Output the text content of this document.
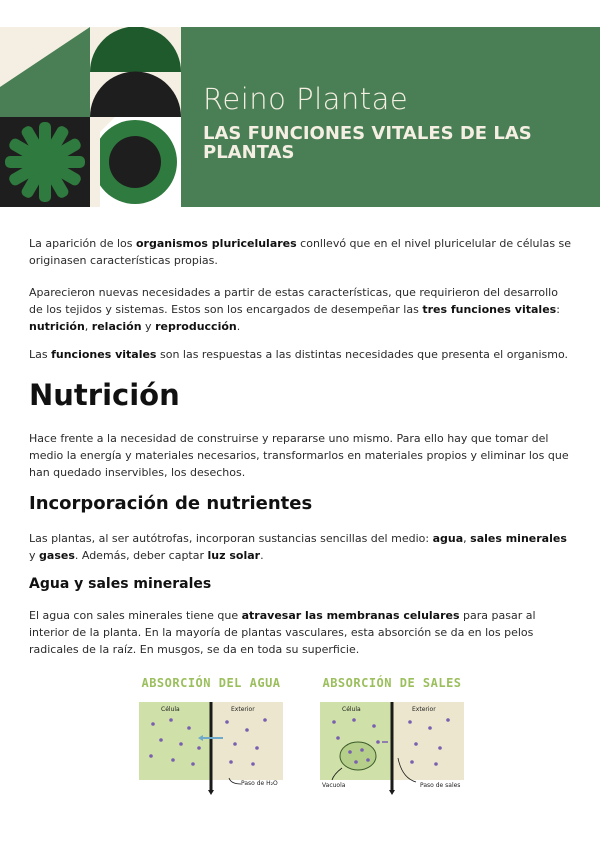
Reino Plantae
LAS FUNCIONES VITALES DE LAS PLANTAS

La aparición de los organismos pluricelulares conllevó que en el nivel pluricelular de células se originasen características propias.

Aparecieron nuevas necesidades a partir de estas características, que requirieron del desarrollo de los tejidos y sistemas. Estos son los encargados de desempeñar las tres funciones vitales: nutrición, relación y reproducción.

Las funciones vitales son las respuestas a las distintas necesidades que presenta el organismo.

Nutrición

Hace frente a la necesidad de construirse y repararse uno mismo. Para ello hay que tomar del medio la energía y materiales necesarios, transformarlos en materiales propios y eliminar los que han quedado inservibles, los desechos.

Incorporación de nutrientes

Las plantas, al ser autótrofas, incorporan sustancias sencillas del medio: agua, sales minerales y gases. Además, deber captar luz solar.

Agua y sales minerales

El agua con sales minerales tiene que atravesar las membranas celulares para pasar al interior de la planta. En la mayoría de plantas vasculares, esta absorción se da en los pelos radicales de la raíz. En musgos, se da en toda su superficie.

ABSORCIÓN DEL AGUA
Célula	Exterior
Paso de H₂O
ABSORCIÓN DE SALES
Célula	Exterior
Vacuola	Paso de sales
